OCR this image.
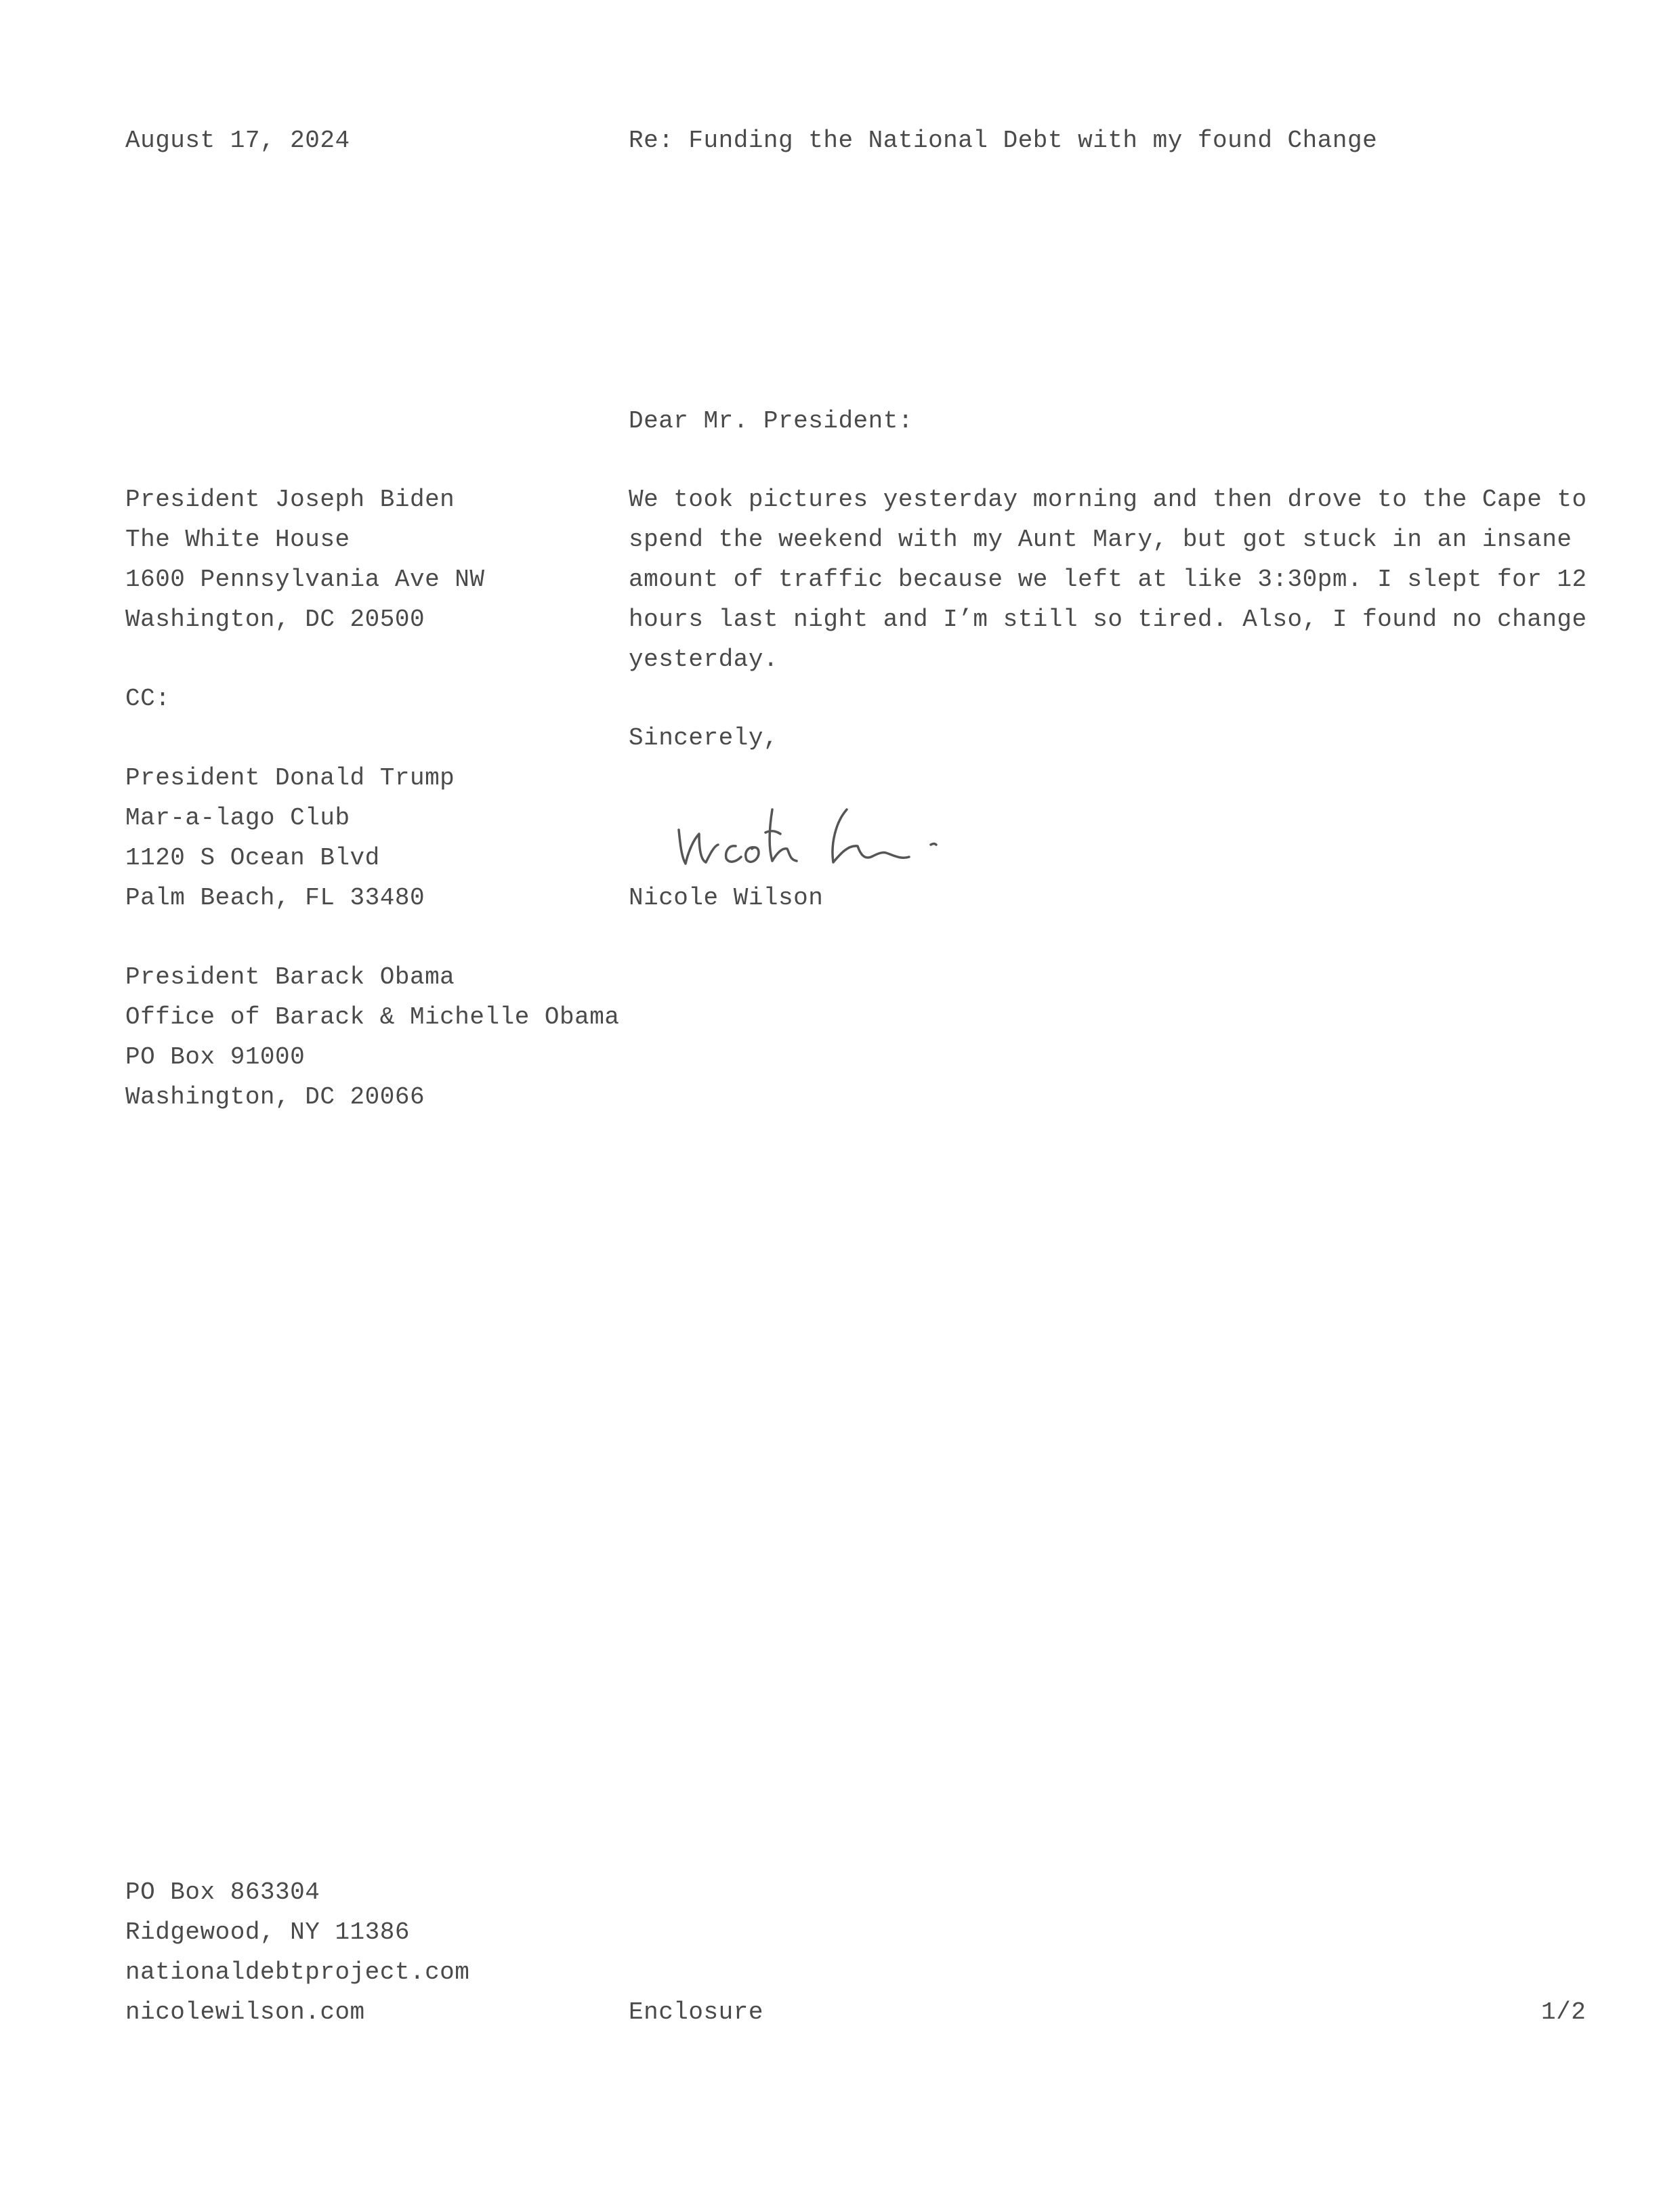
August 17, 2024	Re: Funding the National Debt with my found Change
Dear Mr. President:
President Joseph Biden
The White House
1600 Pennsylvania Ave NW
Washington, DC 20500
CC:
President Donald Trump
Mar-a-lago Club
1120 S Ocean Blvd
Palm Beach, FL 33480
President Barack Obama
Office of Barack & Michelle Obama
PO Box 91000
Washington, DC 20066
We took pictures yesterday morning and then drove to the Cape to
spend the weekend with my Aunt Mary, but got stuck in an insane
amount of traffic because we left at like 3:30pm. I slept for 12
hours last night and I’m still so tired. Also, I found no change
yesterday.
Sincerely,
Nicole Wilson
PO Box 863304
Ridgewood, NY 11386
nationaldebtproject.com
nicolewilson.com	Enclosure	1/2
